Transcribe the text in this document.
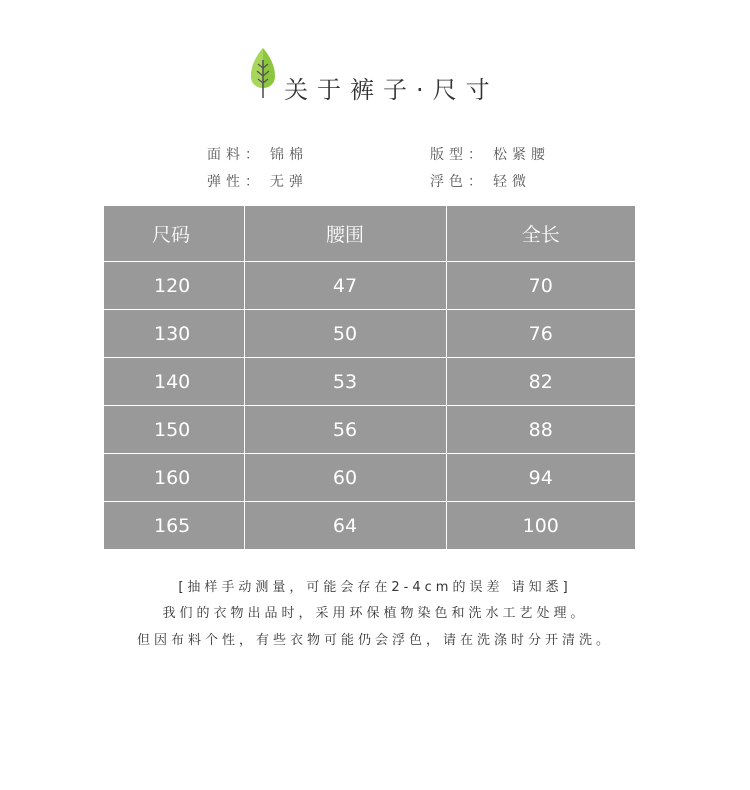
关于裤子·尺寸
面料： 锦棉	版型： 松紧腰
弹性： 无弹	浮色： 轻微
尺码	腰围	全长
120	47	70
130	50	76
140	53	82
150	56	88
160	60	94
165	64	100
[抽样手动测量，可能会存在2-4cm的误差 请知悉]
我们的衣物出品时，采用环保植物染色和洗水工艺处理。
但因布料个性，有些衣物可能仍会浮色，请在洗涤时分开清洗。
